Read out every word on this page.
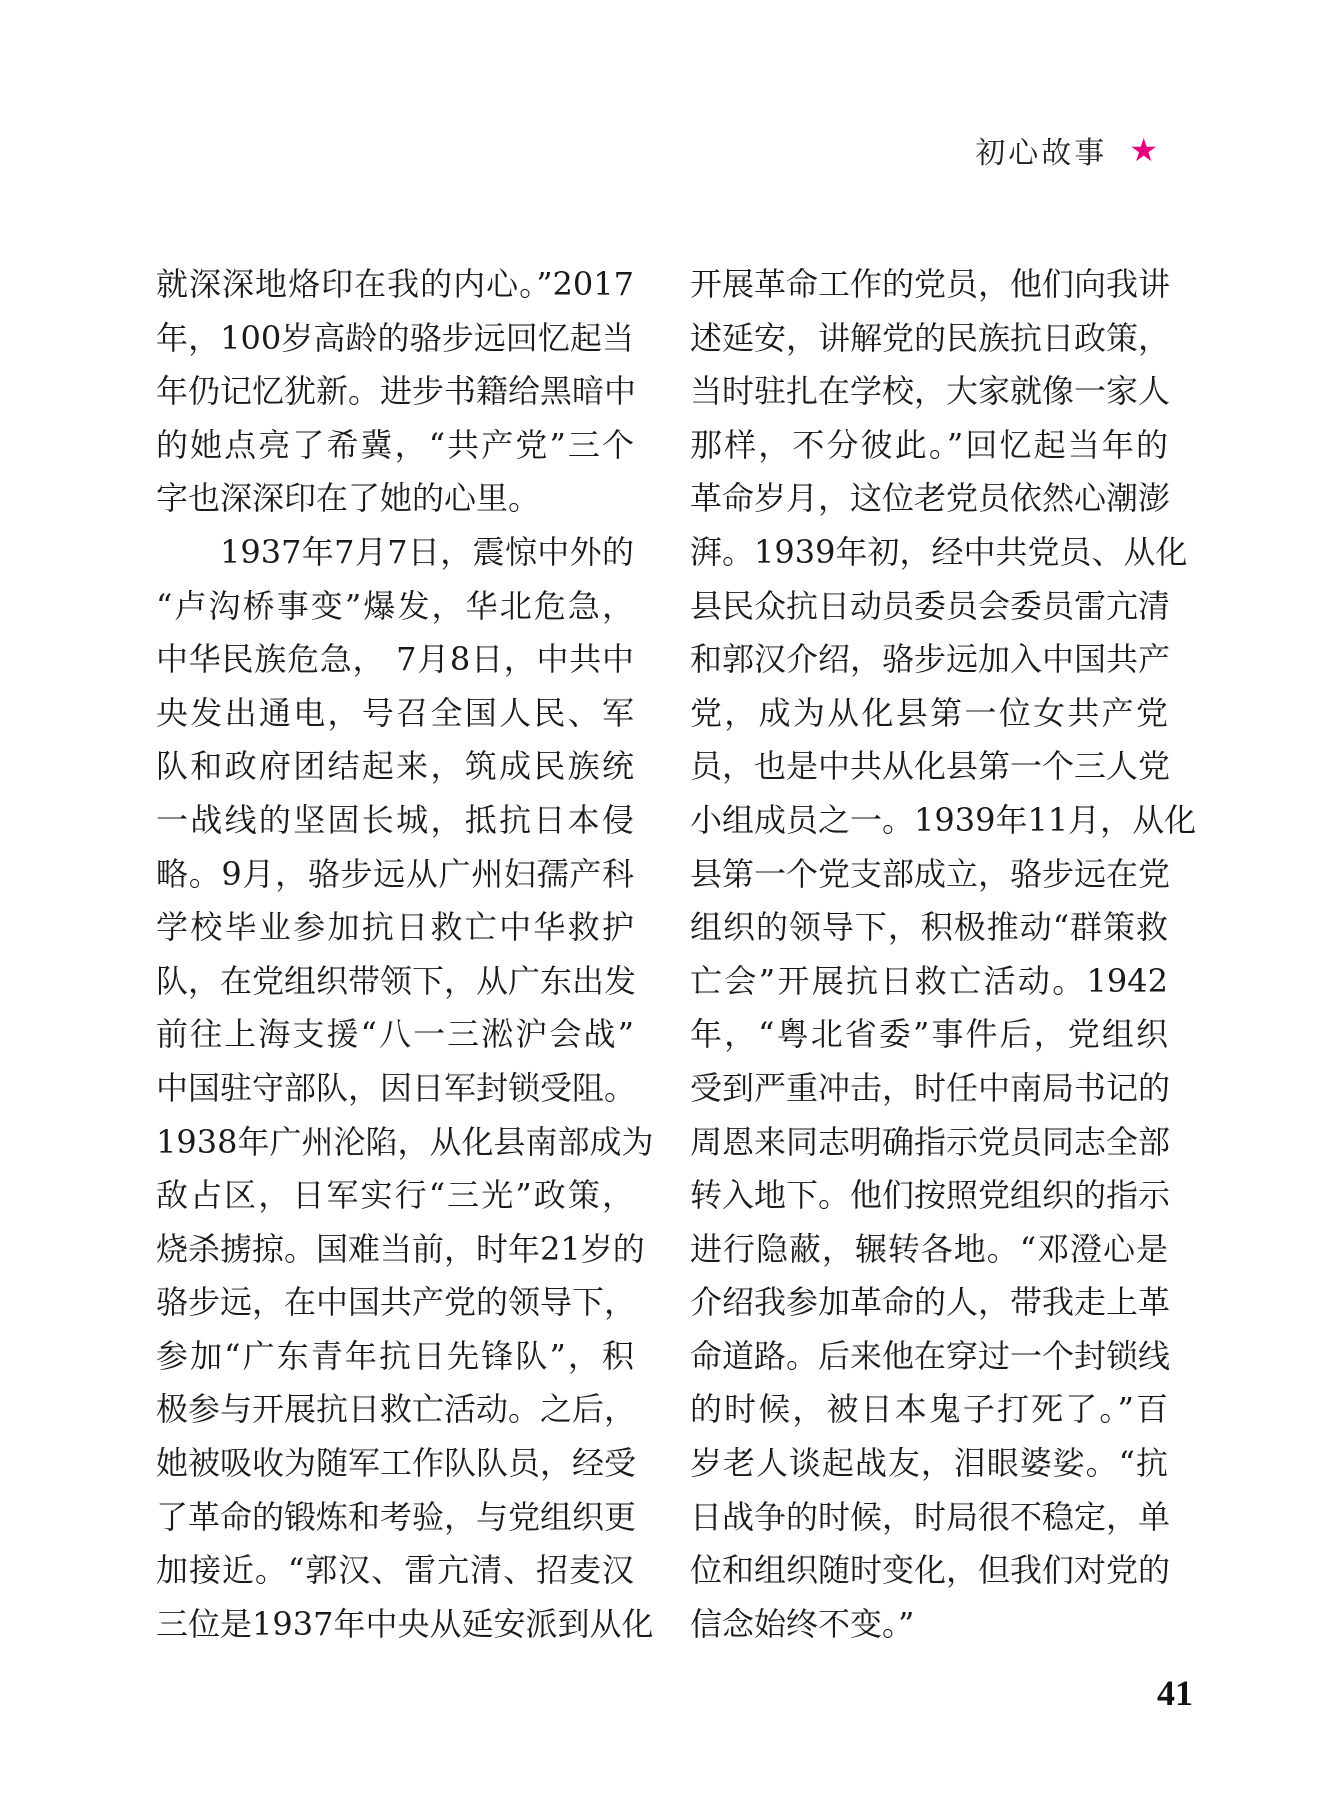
初心故事 ★
就深深地烙印在我的内心。”2017
年，100岁高龄的骆步远回忆起当
年仍记忆犹新。进步书籍给黑暗中
的她点亮了希冀，“共产党”三个
字也深深印在了她的心里。
1937年7月7日，震惊中外的
“卢沟桥事变”爆发，华北危急，
中华民族危急， 7月8日，中共中
央发出通电，号召全国人民、军
队和政府团结起来，筑成民族统
一战线的坚固长城，抵抗日本侵
略。9月，骆步远从广州妇孺产科
学校毕业参加抗日救亡中华救护
队，在党组织带领下，从广东出发
前往上海支援“八一三淞沪会战”
中国驻守部队，因日军封锁受阻。
1938年广州沦陷，从化县南部成为
敌占区，日军实行“三光”政策，
烧杀掳掠。国难当前，时年21岁的
骆步远，在中国共产党的领导下，
参加“广东青年抗日先锋队”，积
极参与开展抗日救亡活动。之后，
她被吸收为随军工作队队员，经受
了革命的锻炼和考验，与党组织更
加接近。“郭汉、雷亢清、招麦汉
三位是1937年中央从延安派到从化
开展革命工作的党员，他们向我讲
述延安，讲解党的民族抗日政策，
当时驻扎在学校，大家就像一家人
那样，不分彼此。”回忆起当年的
革命岁月，这位老党员依然心潮澎
湃。1939年初，经中共党员、从化
县民众抗日动员委员会委员雷亢清
和郭汉介绍，骆步远加入中国共产
党，成为从化县第一位女共产党
员，也是中共从化县第一个三人党
小组成员之一。1939年11月，从化
县第一个党支部成立，骆步远在党
组织的领导下，积极推动“群策救
亡会”开展抗日救亡活动。1942
年，“粤北省委”事件后，党组织
受到严重冲击，时任中南局书记的
周恩来同志明确指示党员同志全部
转入地下。他们按照党组织的指示
进行隐蔽，辗转各地。“邓澄心是
介绍我参加革命的人，带我走上革
命道路。后来他在穿过一个封锁线
的时候，被日本鬼子打死了。”百
岁老人谈起战友，泪眼婆娑。“抗
日战争的时候，时局很不稳定，单
位和组织随时变化，但我们对党的
信念始终不变。”
41
